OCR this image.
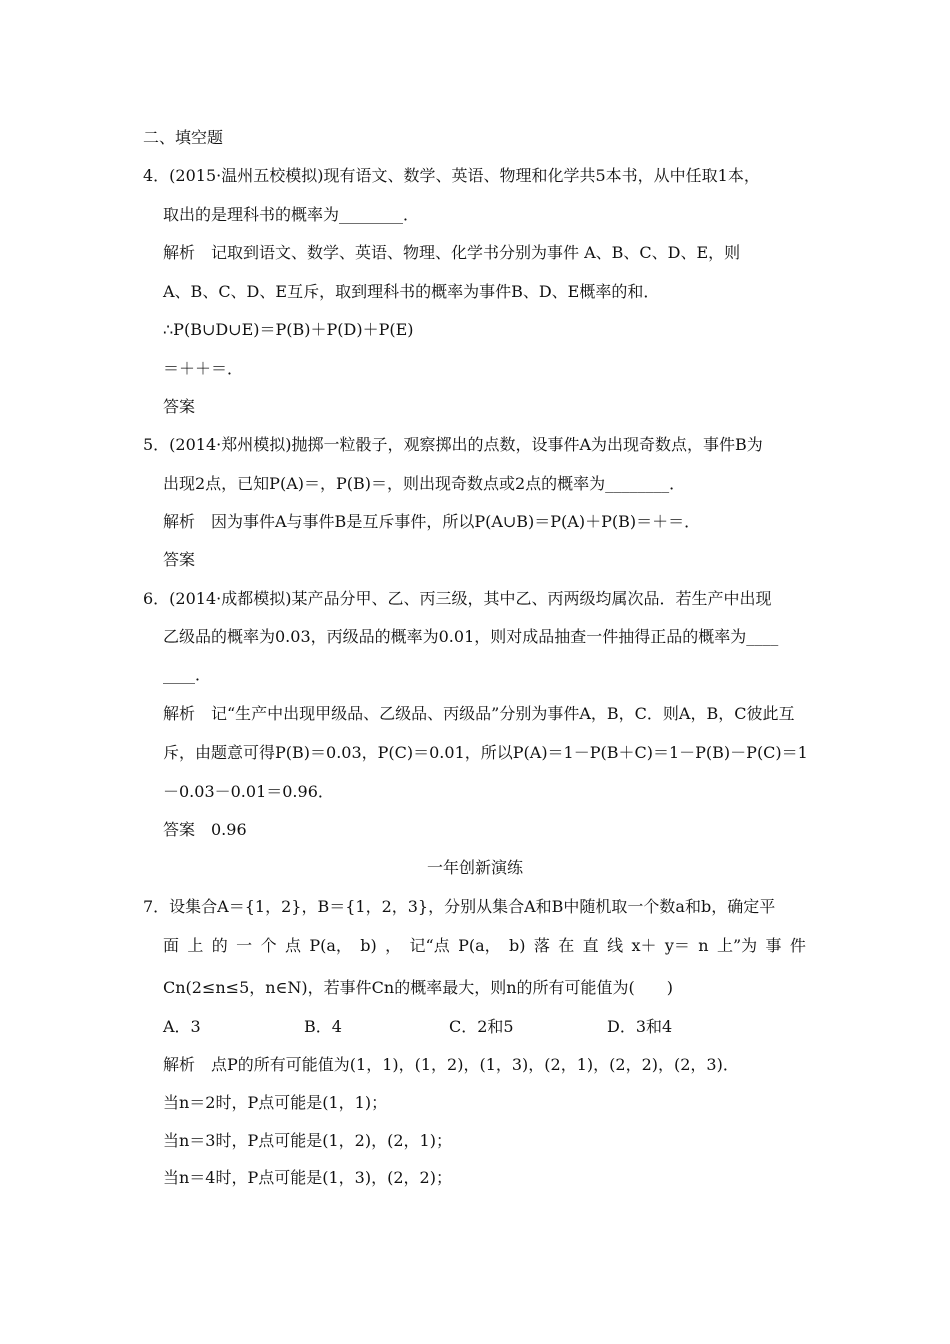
二、填空题
4．(2015·温州五校模拟)现有语文、数学、英语、物理和化学共5本书，从中任取1本，
取出的是理科书的概率为________．
解析　记取到语文、数学、英语、物理、化学书分别为事件 A、B、C、D、E，则
A、B、C、D、E互斥，取到理科书的概率为事件B、D、E概率的和．
∴P(B∪D∪E)＝P(B)＋P(D)＋P(E)
＝＋＋＝．
答案
5．(2014·郑州模拟)抛掷一粒骰子，观察掷出的点数，设事件A为出现奇数点，事件B为
出现2点，已知P(A)＝，P(B)＝，则出现奇数点或2点的概率为________．
解析　因为事件A与事件B是互斥事件，所以P(A∪B)＝P(A)＋P(B)＝＋＝．
答案
6．(2014·成都模拟)某产品分甲、乙、丙三级，其中乙、丙两级均属次品．若生产中出现
乙级品的概率为0.03，丙级品的概率为0.01，则对成品抽查一件抽得正品的概率为____
____．
解析　记“生产中出现甲级品、乙级品、丙级品”分别为事件A，B，C．则A，B，C彼此互
斥，由题意可得P(B)＝0.03，P(C)＝0.01，所以P(A)＝1－P(B＋C)＝1－P(B)－P(C)＝1
－0.03－0.01＝0.96．
答案　0.96
一年创新演练
7．设集合A＝{1，2}，B＝{1，2，3}，分别从集合A和B中随机取一个数a和b，确定平
面 上 的 一 个 点 P(a， b) ， 记“点 P(a， b) 落 在 直 线 x＋ y＝ n 上”为 事 件
Cn(2≤n≤5，n∈N)，若事件Cn的概率最大，则n的所有可能值为(　　)
A．3	B．4	C．2和5	D．3和4
解析　点P的所有可能值为(1，1)，(1，2)，(1，3)，(2，1)，(2，2)，(2，3)．
当n＝2时，P点可能是(1，1)；
当n＝3时，P点可能是(1，2)，(2，1)；
当n＝4时，P点可能是(1，3)，(2，2)；
